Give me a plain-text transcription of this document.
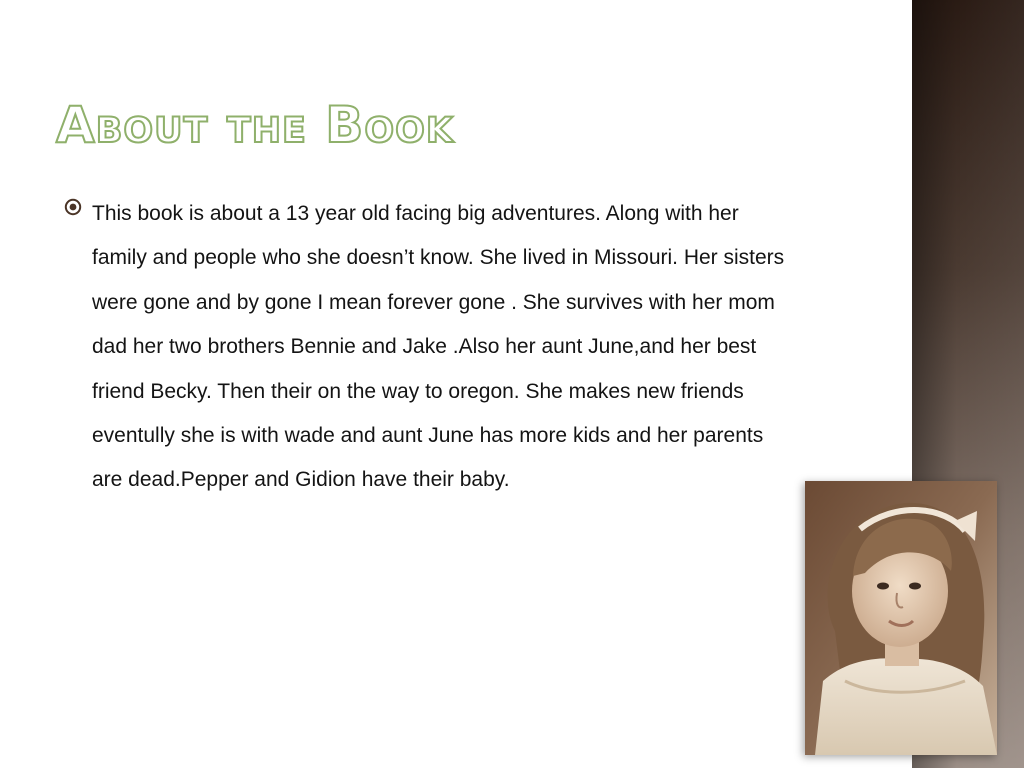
About the Book
This book is about a 13 year old facing big adventures. Along with her family and people who she doesn’t know. She lived in Missouri. Her sisters were gone and by gone I mean forever gone . She survives with her mom dad her two brothers Bennie and Jake .Also her aunt June,and her best friend Becky. Then their on the way to oregon. She makes new friends eventully she is with wade and aunt June has more kids and her parents are dead.Pepper and Gidion have their baby.
